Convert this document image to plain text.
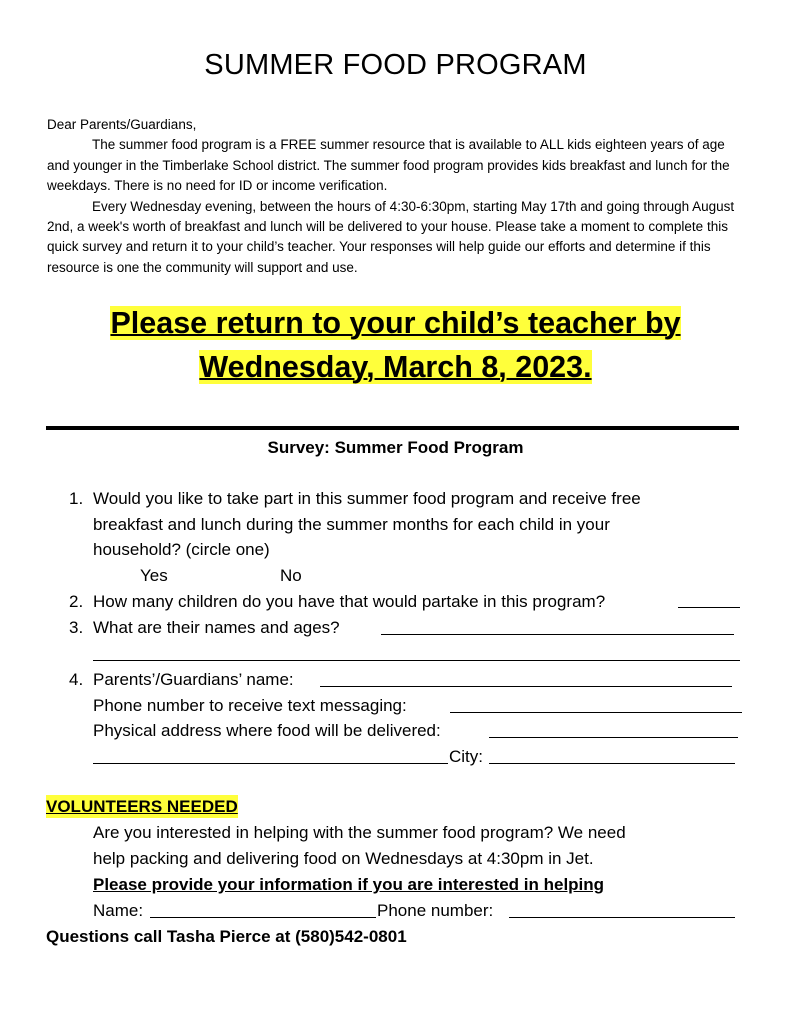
SUMMER FOOD PROGRAM

Dear Parents/Guardians,

The summer food program is a FREE summer resource that is available to ALL kids eighteen years of age and younger in the Timberlake School district. The summer food program provides kids breakfast and lunch for the weekdays. There is no need for ID or income verification.

Every Wednesday evening, between the hours of 4:30-6:30pm, starting May 17th and going through August 2nd, a week's worth of breakfast and lunch will be delivered to your house. Please take a moment to complete this quick survey and return it to your child’s teacher. Your responses will help guide our efforts and determine if this resource is one the community will support and use.

Please return to your child’s teacher by
Wednesday, March 8, 2023.
Survey: Summer Food Program
1. Would you like to take part in this summer food program and receive free
breakfast and lunch during the summer months for each child in your
household? (circle one)
Yes	No
2. How many children do you have that would partake in this program?
3. What are their names and ages?
4. Parents’/Guardians’ name:
Phone number to receive text messaging:
Physical address where food will be delivered:
City:
VOLUNTEERS NEEDED
Are you interested in helping with the summer food program? We need
help packing and delivering food on Wednesdays at 4:30pm in Jet.
Please provide your information if you are interested in helping
Name:	Phone number:
Questions call Tasha Pierce at (580)542-0801
